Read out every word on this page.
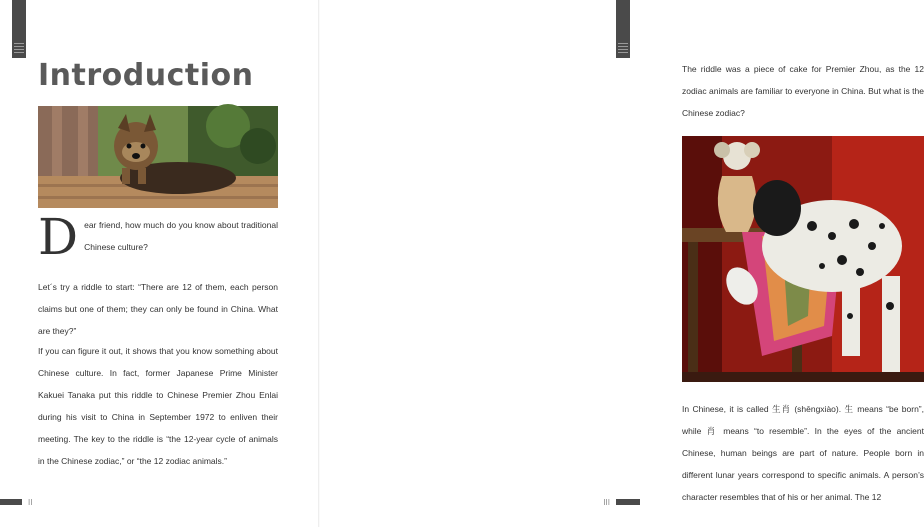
Introduction

Dear friend, how much do you know about traditional Chinese culture?

Let´s try a riddle to start: “There are 12 of them, each person claims but one of them; they can only be found in China. What are they?”

If you can figure it out, it shows that you know something about Chinese culture. In fact, former Japanese Prime Minister Kakuei Tanaka put this riddle to Chinese Premier Zhou Enlai during his visit to China in September 1972 to enliven their meeting. The key to the riddle is “the 12-year cycle of animals in the Chinese zodiac,” or “the 12 zodiac animals.”

II

The riddle was a piece of cake for Premier Zhou, as the 12 zodiac animals are familiar to everyone in China. But what is the Chinese zodiac?

In Chinese, it is called 生肖 (shēngxiào). 生 means “be born”, while 肖 means “to resemble”. In the eyes of the ancient Chinese, human beings are part of nature. People born in different lunar years correspond to specific animals. A person’s character resembles that of his or her animal. The 12

III
